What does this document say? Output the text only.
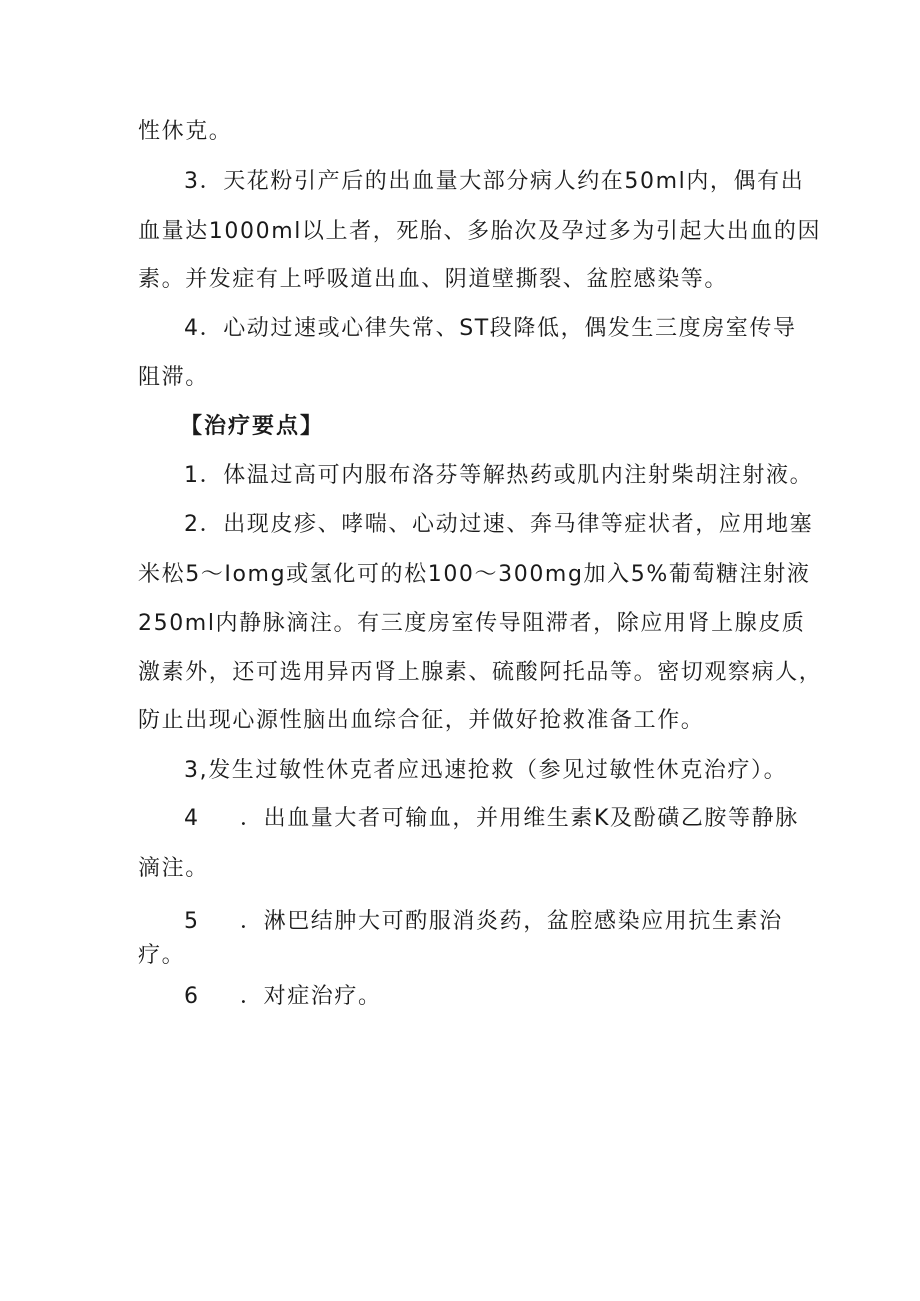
性休克。
3．天花粉引产后的出血量大部分病人约在50ml内，偶有出
血量达1000ml以上者，死胎、多胎次及孕过多为引起大出血的因
素。并发症有上呼吸道出血、阴道壁撕裂、盆腔感染等。
4．心动过速或心律失常、ST段降低，偶发生三度房室传导
阻滞。
【治疗要点】
1．体温过高可内服布洛芬等解热药或肌内注射柴胡注射液。
2．出现皮疹、哮喘、心动过速、奔马律等症状者，应用地塞
米松5～Iomg或氢化可的松100～300mg加入5%葡萄糖注射液
250ml内静脉滴注。有三度房室传导阻滞者，除应用肾上腺皮质
激素外，还可选用异丙肾上腺素、硫酸阿托品等。密切观察病人，
防止出现心源性脑出血综合征，并做好抢救准备工作。
3,发生过敏性休克者应迅速抢救（参见过敏性休克治疗）。
4 ．出血量大者可输血，并用维生素K及酚磺乙胺等静脉
滴注。
5 ．淋巴结肿大可酌服消炎药，盆腔感染应用抗生素治
疗。
6 ．对症治疗。
